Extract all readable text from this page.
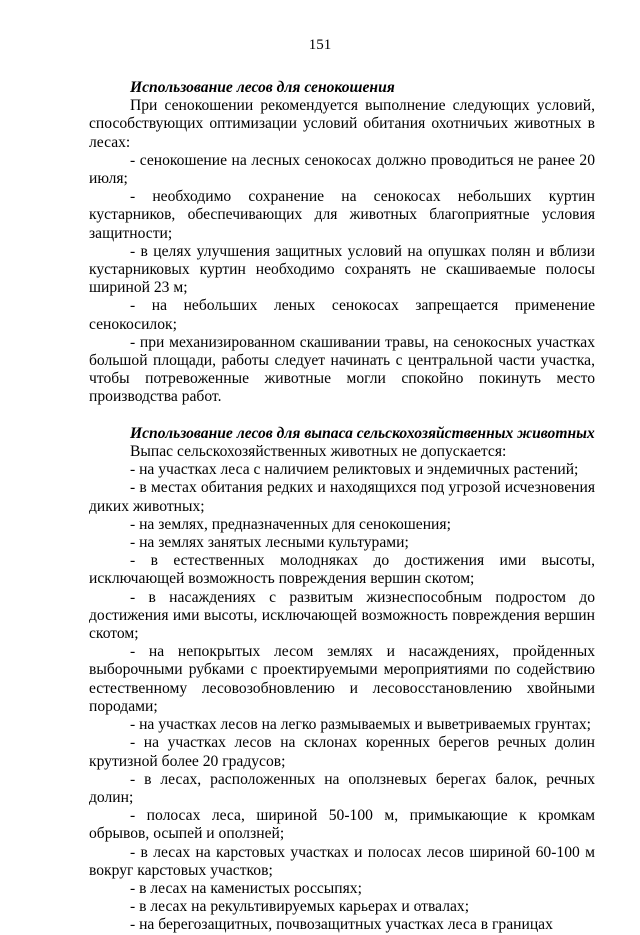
151
Использование лесов для сенокошения

При сенокошении рекомендуется выполнение следующих условий, способствующих оптимизации условий обитания охотничьих животных в лесах:

- сенокошение на лесных сенокосах должно проводиться не ранее 20 июля;

- необходимо сохранение на сенокосах небольших куртин кустарников, обеспечивающих для животных благоприятные условия защитности;

- в целях улучшения защитных условий на опушках полян и вблизи кустарниковых куртин необходимо сохранять не скашиваемые полосы шириной 23 м;

- на небольших леных сенокосах запрещается применение сенокосилок;

- при механизированном скашивании травы, на сенокосных участках большой площади, работы следует начинать с центральной части участка, чтобы потревоженные животные могли спокойно покинуть место производства работ.

Использование лесов для выпаса сельскохозяйственных животных

Выпас сельскохозяйственных животных не допускается:

- на участках леса с наличием реликтовых и эндемичных растений;

- в местах обитания редких и находящихся под угрозой исчезновения диких животных;

- на землях, предназначенных для сенокошения;

- на землях занятых лесными культурами;

- в естественных молодняках до достижения ими высоты, исключающей возможность повреждения вершин скотом;

- в насаждениях с развитым жизнеспособным подростом до достижения ими высоты, исключающей возможность повреждения вершин скотом;

- на непокрытых лесом землях и насаждениях, пройденных выборочными рубками с проектируемыми мероприятиями по содействию естественному лесовозобновлению и лесовосстановлению хвойными породами;

- на участках лесов на легко размываемых и выветриваемых грунтах;

- на участках лесов на склонах коренных берегов речных долин крутизной более 20 градусов;

- в лесах, расположенных на оползневых берегах балок, речных долин;

- полосах леса, шириной 50-100 м, примыкающие к кромкам обрывов, осыпей и оползней;

- в лесах на карстовых участках и полосах лесов шириной 60-100 м вокруг карстовых участков;

- в лесах на каменистых россыпях;

- в лесах на рекультивируемых карьерах и отвалах;

- на берегозащитных, почвозащитных участках леса в границах
